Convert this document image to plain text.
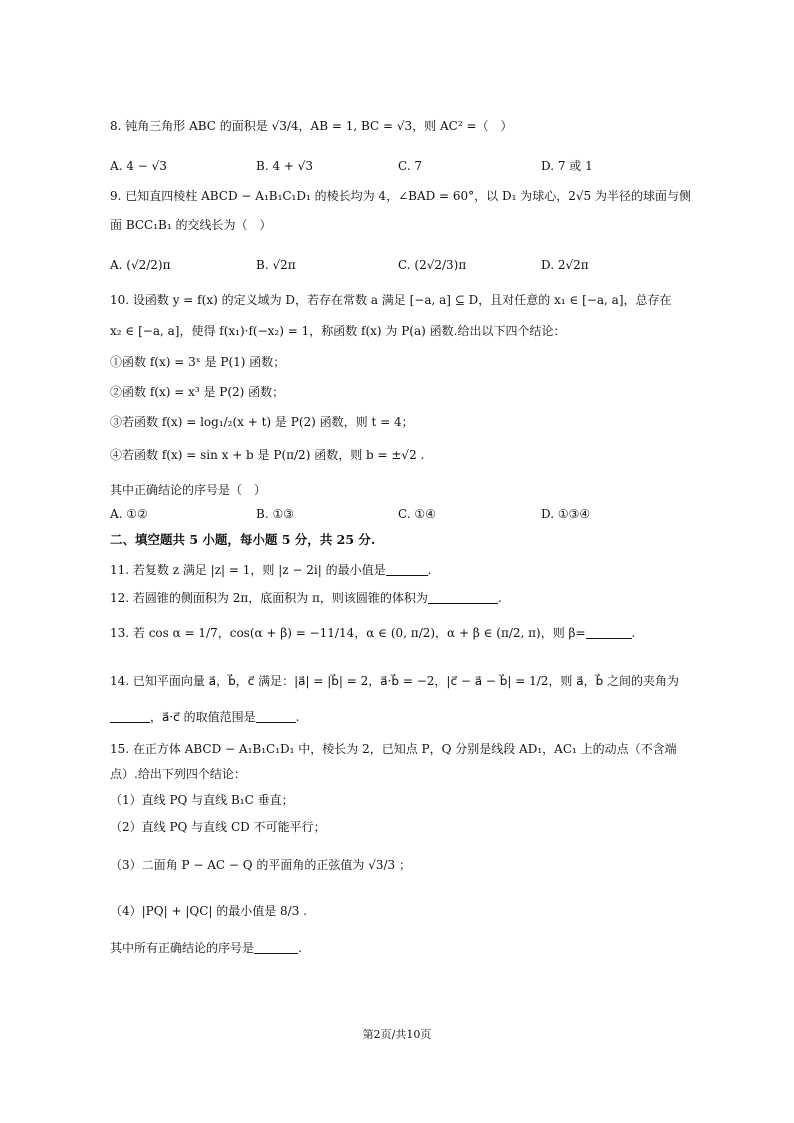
8. 钝角三角形 ABC 的面积是 √3/4，AB = 1, BC = √3，则 AC² =（　）
A. 4 − √3	B. 4 + √3	C. 7	D. 7 或 1
9. 已知直四棱柱 ABCD − A₁B₁C₁D₁ 的棱长均为 4，∠BAD = 60°，以 D₁ 为球心，2√5 为半径的球面与侧
面 BCC₁B₁ 的交线长为（　）
A. (√2/2)π	B. √2π	C. (2√2/3)π	D. 2√2π
10. 设函数 y = f(x) 的定义域为 D，若存在常数 a 满足 [−a, a] ⊆ D，且对任意的 x₁ ∈ [−a, a]，总存在
x₂ ∈ [−a, a]，使得 f(x₁)·f(−x₂) = 1，称函数 f(x) 为 P(a) 函数.给出以下四个结论：
①函数 f(x) = 3ˣ 是 P(1) 函数；
②函数 f(x) = x³ 是 P(2) 函数；
③若函数 f(x) = log₁/₂(x + t) 是 P(2) 函数，则 t = 4；
④若函数 f(x) = sin x + b 是 P(π/2) 函数，则 b = ±√2 .
其中正确结论的序号是（　）
A. ①②	B. ①③	C. ①④	D. ①③④
二、填空题共 5 小题，每小题 5 分，共 25 分.
11. 若复数 z 满足 |z| = 1，则 |z − 2i| 的最小值是	.
12. 若圆锥的侧面积为 2π，底面积为 π，则该圆锥的体积为	.
13. 若 cos α = 1/7，cos(α + β) = −11/14，α ∈ (0, π/2)，α + β ∈ (π/2, π)，则 β=	.
14. 已知平面向量 a⃗，b⃗，c⃗ 满足：|a⃗| = |b⃗| = 2，a⃗·b⃗ = −2，|c⃗ − a⃗ − b⃗| = 1/2，则 a⃗，b⃗ 之间的夹角为
，a⃗·c⃗ 的取值范围是	.
15. 在正方体 ABCD − A₁B₁C₁D₁ 中，棱长为 2，已知点 P，Q 分别是线段 AD₁，AC₁ 上的动点（不含端
点）.给出下列四个结论：
（1）直线 PQ 与直线 B₁C 垂直；
（2）直线 PQ 与直线 CD 不可能平行；
（3）二面角 P − AC − Q 的平面角的正弦值为 √3/3 ；
（4）|PQ| + |QC| 的最小值是 8/3 .
其中所有正确结论的序号是	.
第2页/共10页
